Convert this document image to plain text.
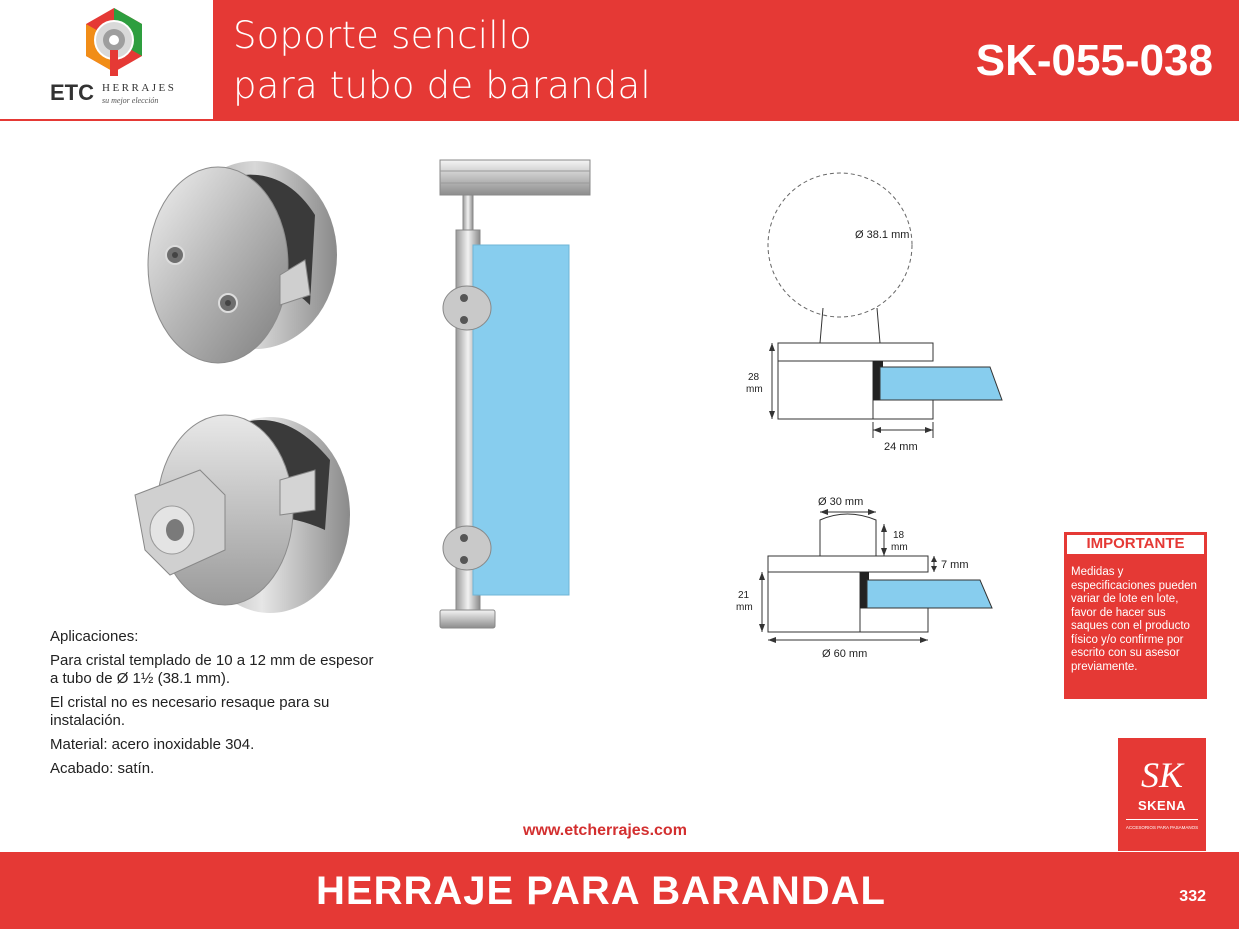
ETC HERRAJES
su mejor elección
Soporte sencillo
para tubo de barandal
SK-055-038
Ø 38.1 mm
28
mm
24 mm
Ø 30 mm
18
mm
7 mm
21
mm
Ø 60 mm

Aplicaciones:

Para cristal templado de 10 a 12 mm de espesor a tubo de Ø 1½ (38.1 mm).

El cristal no es necesario resaque para su instalación.

Material: acero inoxidable 304.

Acabado: satín.

IMPORTANTE
Medidas y especificaciones pueden variar de lote en lote, favor de hacer sus saques con el producto físico y/o confirme por escrito con su asesor previamente.
SK
SKENA
ACCESORIOS PARA PASAMANOS
www.etcherrajes.com
HERRAJE PARA BARANDAL	332
